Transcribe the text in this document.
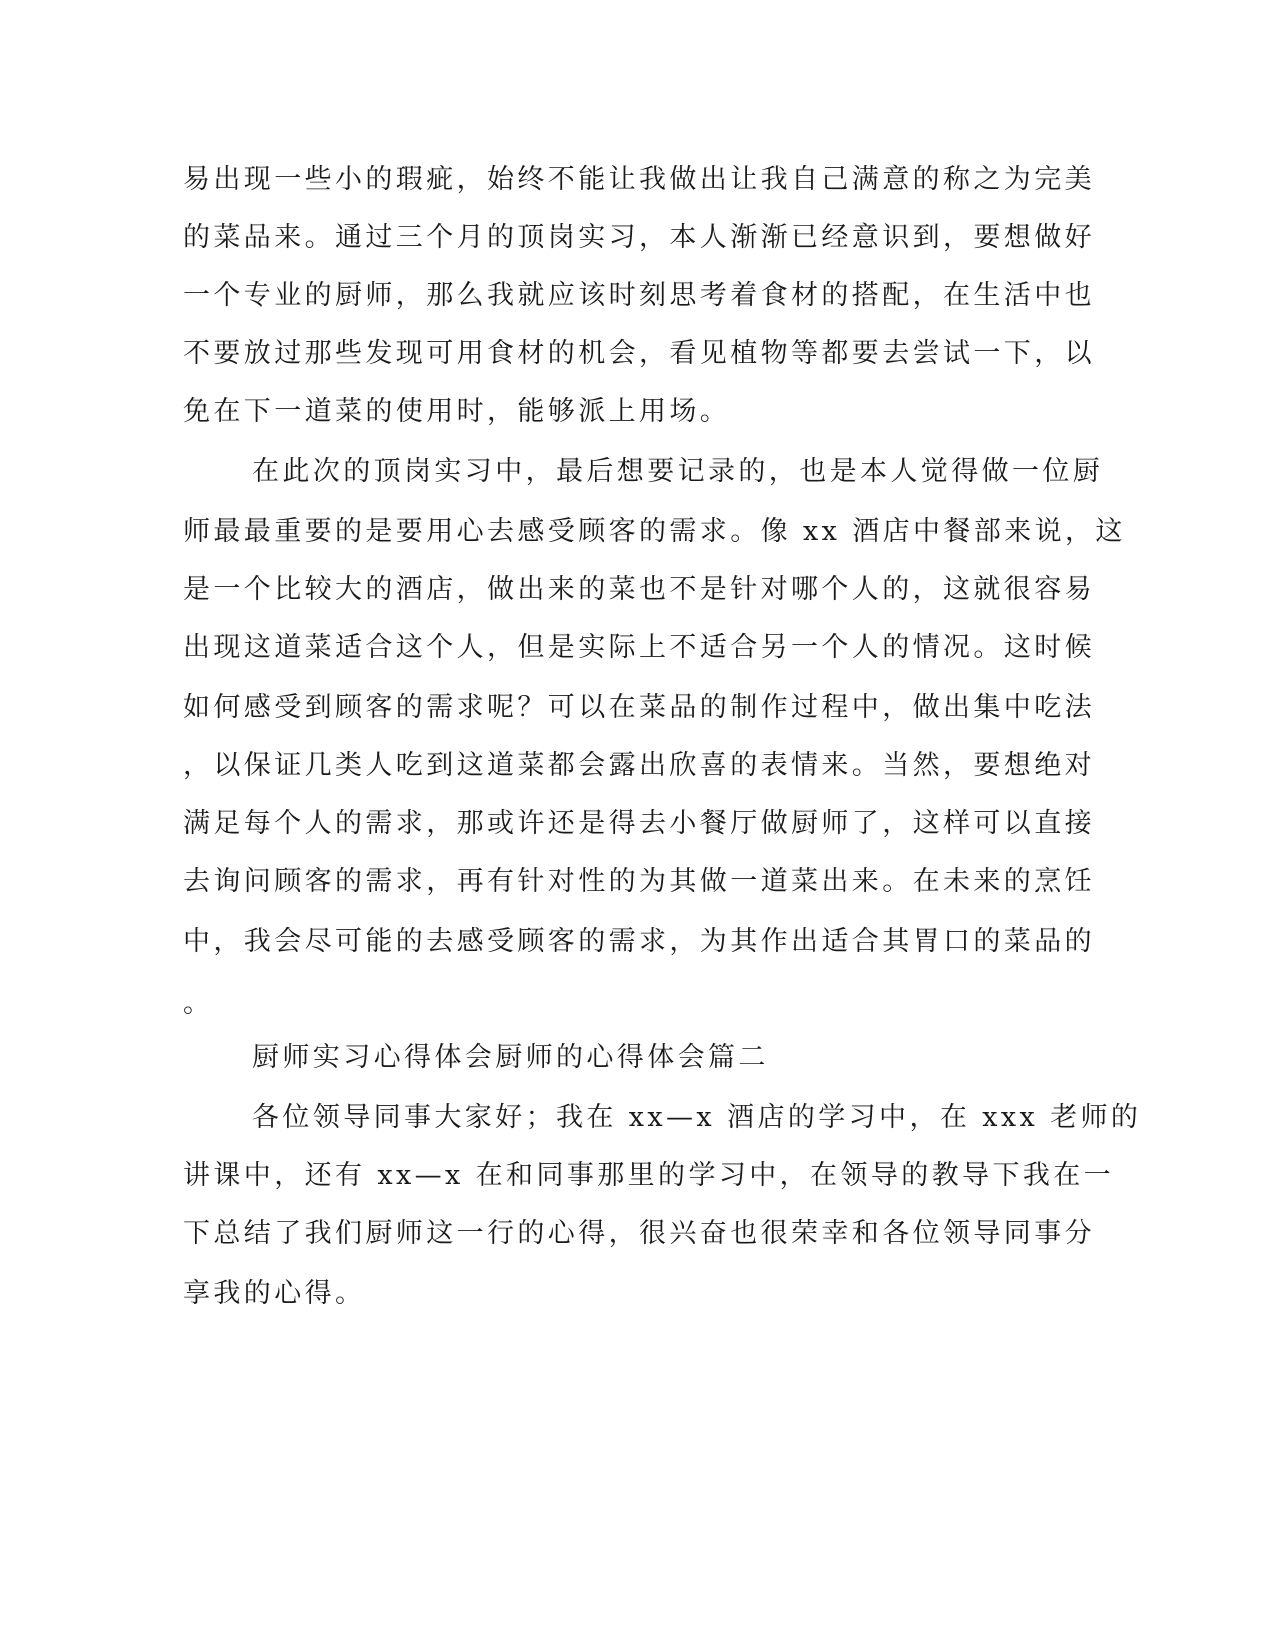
易出现一些小的瑕疵，始终不能让我做出让我自己满意的称之为完美
的菜品来。通过三个月的顶岗实习，本人渐渐已经意识到，要想做好
一个专业的厨师，那么我就应该时刻思考着食材的搭配，在生活中也
不要放过那些发现可用食材的机会，看见植物等都要去尝试一下，以
免在下一道菜的使用时，能够派上用场。
在此次的顶岗实习中，最后想要记录的，也是本人觉得做一位厨
师最最重要的是要用心去感受顾客的需求。像 xx 酒店中餐部来说，这
是一个比较大的酒店，做出来的菜也不是针对哪个人的，这就很容易
出现这道菜适合这个人，但是实际上不适合另一个人的情况。这时候
如何感受到顾客的需求呢？可以在菜品的制作过程中，做出集中吃法
，以保证几类人吃到这道菜都会露出欣喜的表情来。当然，要想绝对
满足每个人的需求，那或许还是得去小餐厅做厨师了，这样可以直接
去询问顾客的需求，再有针对性的为其做一道菜出来。在未来的烹饪
中，我会尽可能的去感受顾客的需求，为其作出适合其胃口的菜品的
。
厨师实习心得体会厨师的心得体会篇二
各位领导同事大家好；我在 xx—x 酒店的学习中，在 xxx 老师的
讲课中，还有 xx—x 在和同事那里的学习中，在领导的教导下我在一
下总结了我们厨师这一行的心得，很兴奋也很荣幸和各位领导同事分
享我的心得。
